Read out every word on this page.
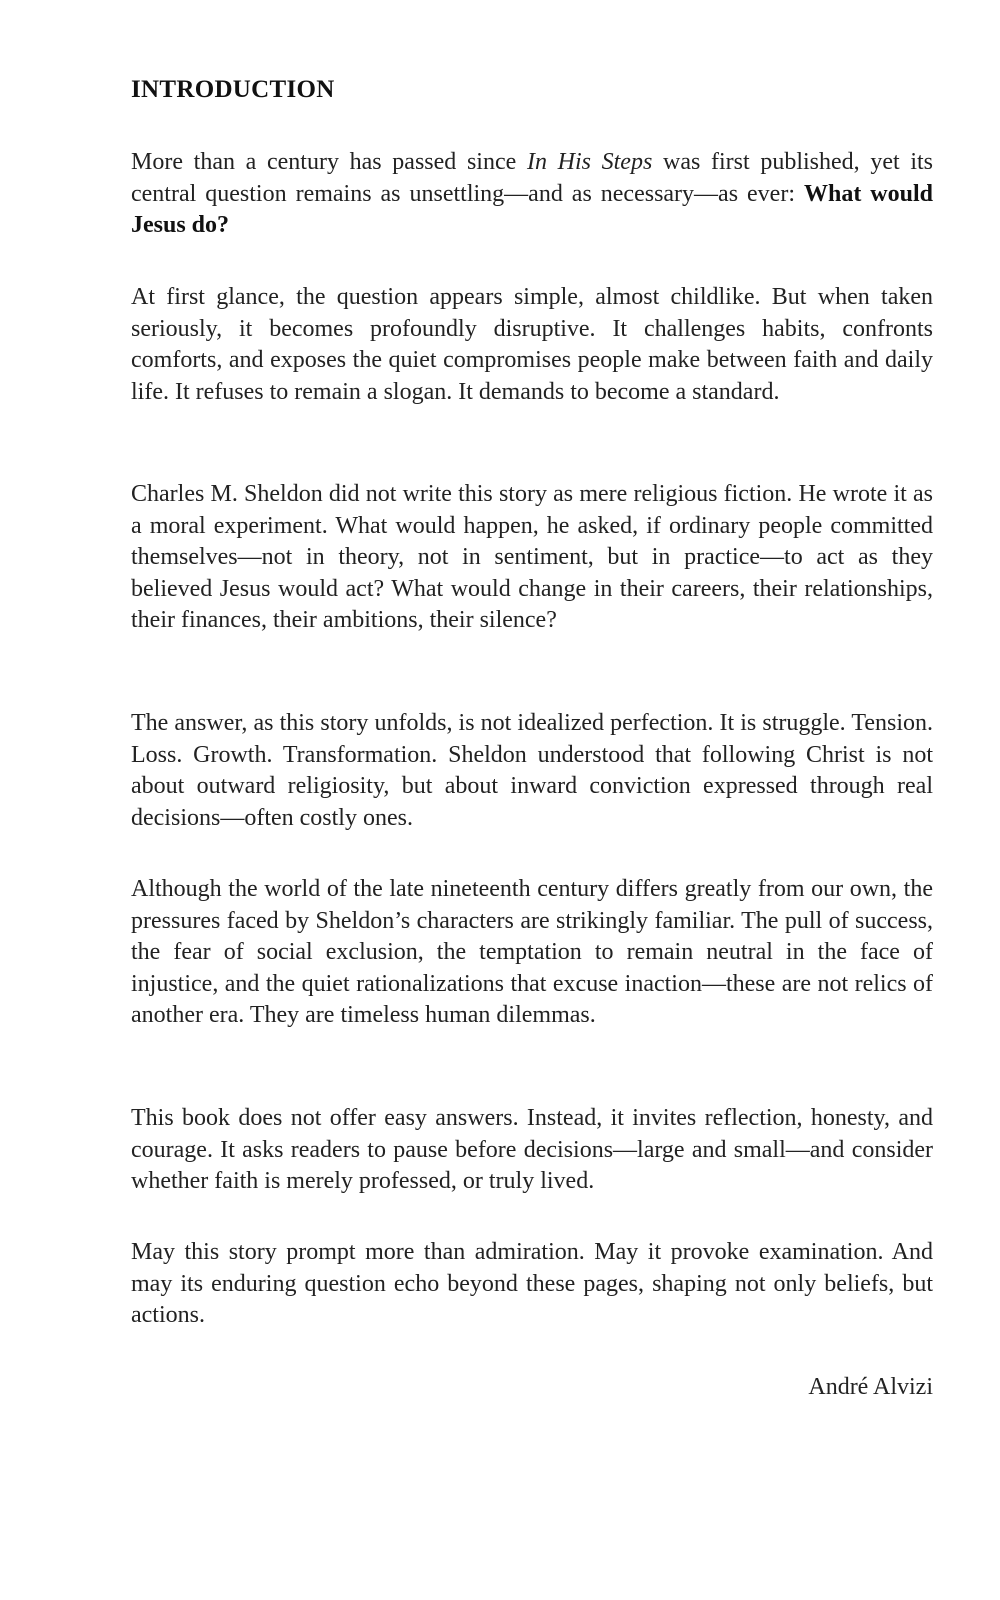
INTRODUCTION

More than a century has passed since In His Steps was first published, yet its central question remains as unsettling—and as necessary—as ever: What would Jesus do?

At first glance, the question appears simple, almost childlike. But when taken seriously, it becomes profoundly disruptive. It challenges habits, confronts comforts, and exposes the quiet compromises people make between faith and daily life. It refuses to remain a slogan. It demands to become a standard.

Charles M. Sheldon did not write this story as mere religious fiction. He wrote it as a moral experiment. What would happen, he asked, if ordinary people committed themselves—not in theory, not in sentiment, but in practice—to act as they believed Jesus would act? What would change in their careers, their relationships, their finances, their ambitions, their silence?

The answer, as this story unfolds, is not idealized perfection. It is struggle. Tension. Loss. Growth. Transformation. Sheldon understood that following Christ is not about outward religiosity, but about inward conviction expressed through real decisions—often costly ones.

Although the world of the late nineteenth century differs greatly from our own, the pressures faced by Sheldon’s characters are strikingly familiar. The pull of success, the fear of social exclusion, the temptation to remain neutral in the face of injustice, and the quiet rationalizations that excuse inaction—these are not relics of another era. They are timeless human dilemmas.

This book does not offer easy answers. Instead, it invites reflection, honesty, and courage. It asks readers to pause before decisions—large and small—and consider whether faith is merely professed, or truly lived.

May this story prompt more than admiration. May it provoke examination. And may its enduring question echo beyond these pages, shaping not only beliefs, but actions.

André Alvizi
